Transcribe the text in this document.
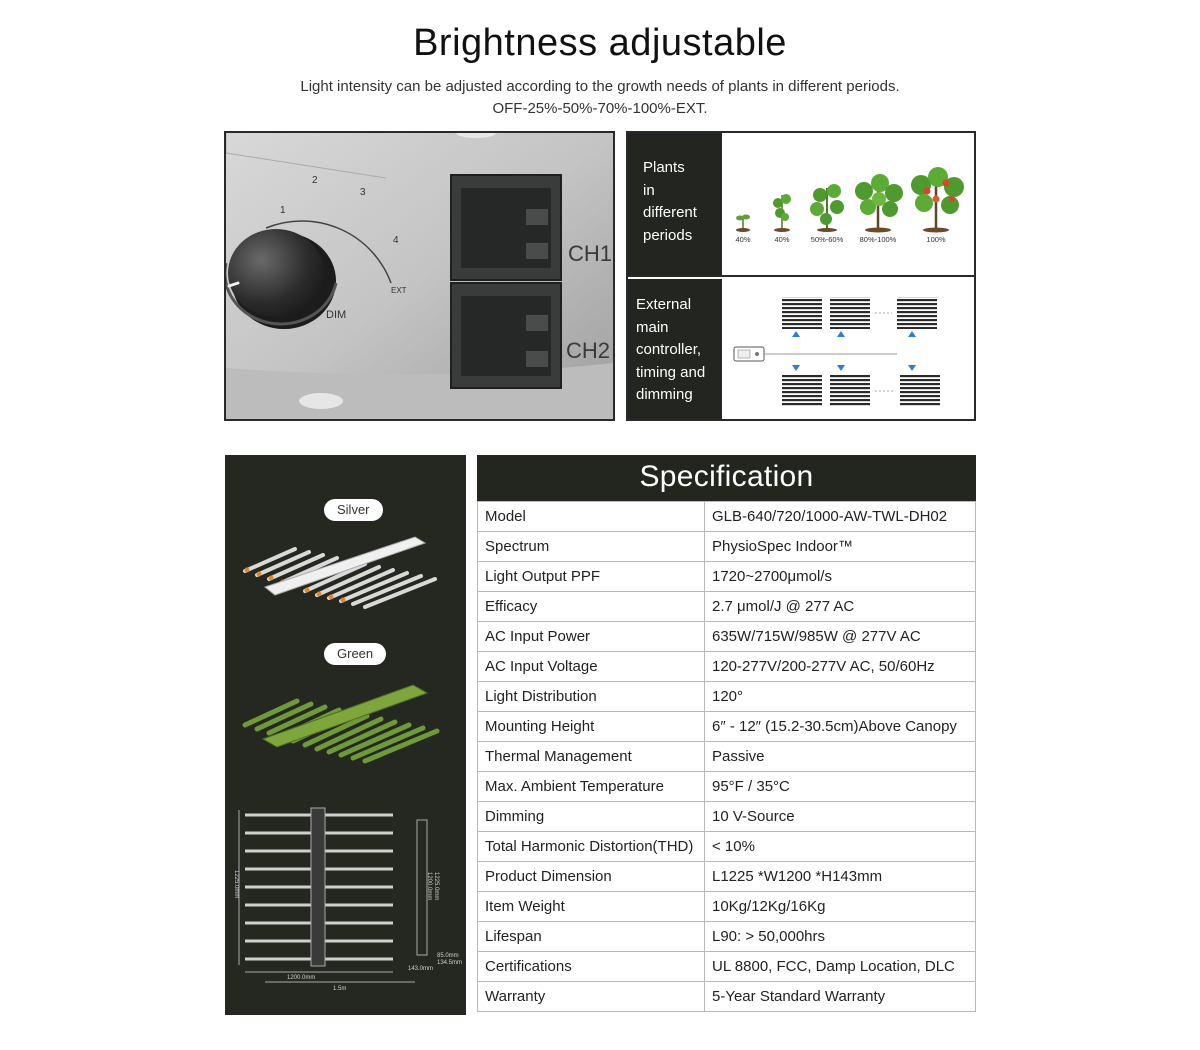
Brightness adjustable
Light intensity can be adjusted according to the growth needs of plants in different periods.
OFF-25%-50%-70%-100%-EXT.
1
2
3
4
EXT
DIM
CH1
CH2
Plants
in
different
periods	40%	40%	50%-60% 80%-100%	100%
External
main
controller,
timing and
dimming
Silver
Green
1225.0mm
1200.0mm
1.5m
1225.0mm
1200.0mm
143.0mm
85.0mm
134.5mm
Specification
Model	GLB-640/720/1000-AW-TWL-DH02
Spectrum	PhysioSpec Indoor™
Light Output PPF	1720~2700μmol/s
Efficacy	2.7 μmol/J @ 277 AC
AC Input Power	635W/715W/985W @ 277V AC
AC Input Voltage	120-277V/200-277V AC, 50/60Hz
Light Distribution	120°
Mounting Height	6″ - 12″ (15.2-30.5cm)Above Canopy
Thermal Management	Passive
Max. Ambient Temperature	95°F / 35°C
Dimming	10 V-Source
Total Harmonic Distortion(THD)	< 10%
Product Dimension	L1225 *W1200 *H143mm
Item Weight	10Kg/12Kg/16Kg
Lifespan	L90: > 50,000hrs
Certifications	UL 8800, FCC, Damp Location, DLC
Warranty	5-Year Standard Warranty
